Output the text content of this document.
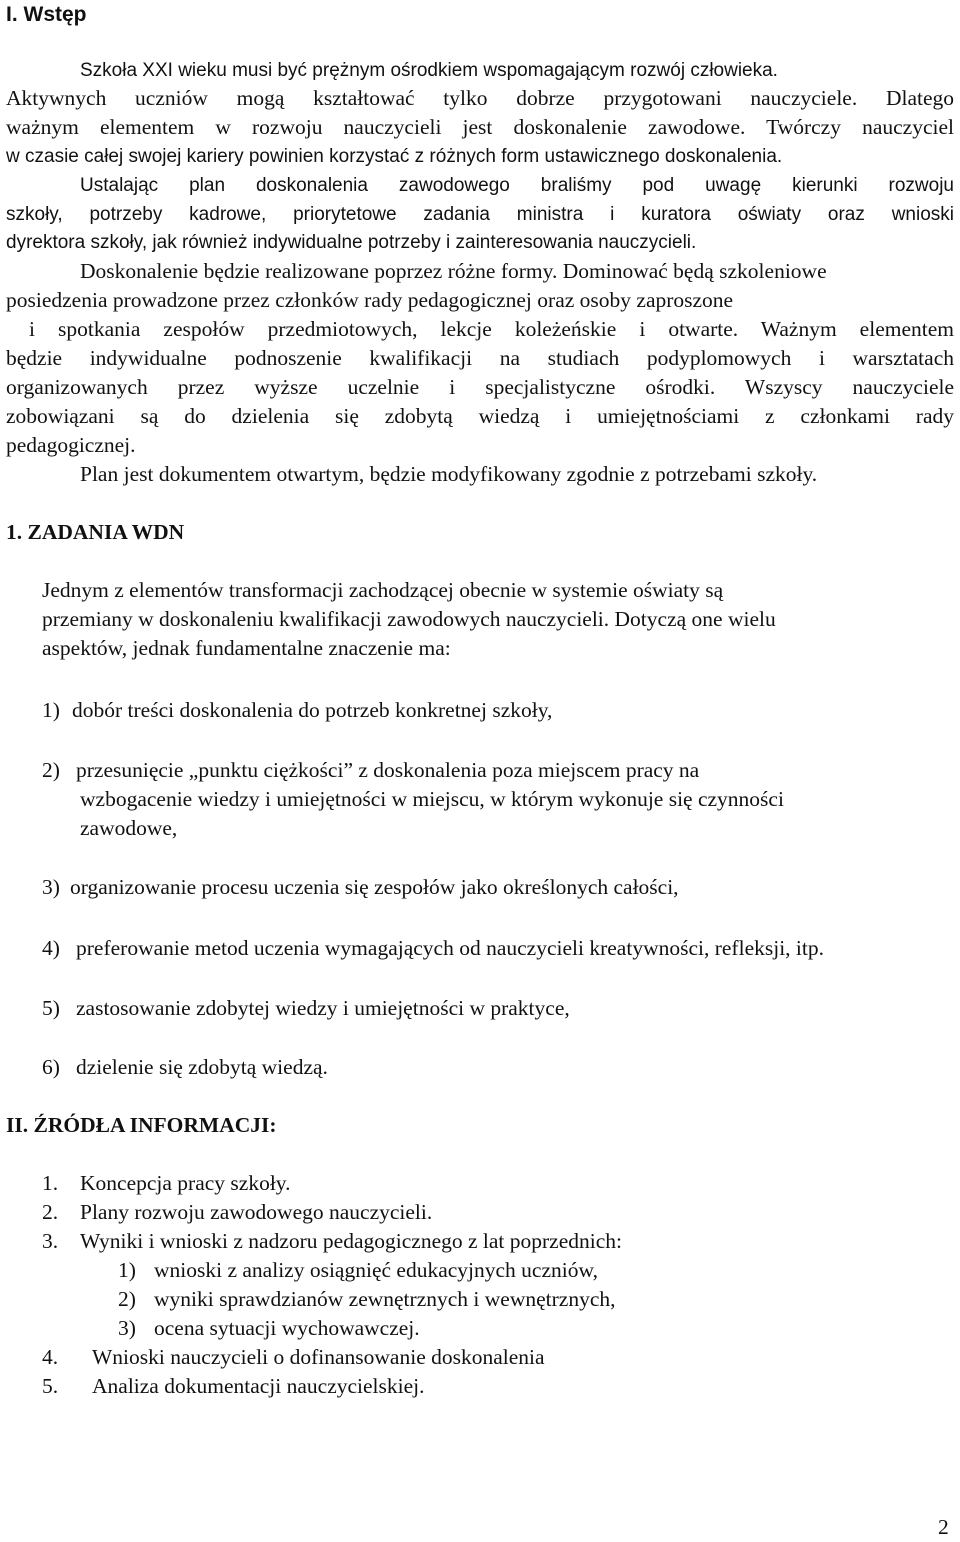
I. Wstęp
Szkoła XXI wieku musi być prężnym ośrodkiem wspomagającym rozwój człowieka.
Aktywnych uczniów mogą kształtować tylko dobrze przygotowani nauczyciele. Dlatego
ważnym elementem w rozwoju nauczycieli jest doskonalenie zawodowe. Twórczy nauczyciel
w czasie całej swojej kariery powinien korzystać z różnych form ustawicznego doskonalenia.
Ustalając plan doskonalenia zawodowego braliśmy pod uwagę kierunki rozwoju
szkoły, potrzeby kadrowe, priorytetowe zadania ministra i kuratora oświaty oraz wnioski
dyrektora szkoły, jak również indywidualne potrzeby i zainteresowania nauczycieli.
Doskonalenie będzie realizowane poprzez różne formy. Dominować będą szkoleniowe
posiedzenia prowadzone przez członków rady pedagogicznej oraz osoby zaproszone
i spotkania zespołów przedmiotowych, lekcje koleżeńskie i otwarte. Ważnym elementem
będzie indywidualne podnoszenie kwalifikacji na studiach podyplomowych i warsztatach
organizowanych przez wyższe uczelnie i specjalistyczne ośrodki. Wszyscy nauczyciele
zobowiązani są do dzielenia się zdobytą wiedzą i umiejętnościami z członkami rady
pedagogicznej.
Plan jest dokumentem otwartym, będzie modyfikowany zgodnie z potrzebami szkoły.
1. ZADANIA WDN
Jednym z elementów transformacji zachodzącej obecnie w systemie oświaty są
przemiany w doskonaleniu kwalifikacji zawodowych nauczycieli. Dotyczą one wielu
aspektów, jednak fundamentalne znaczenie ma:
1) dobór treści doskonalenia do potrzeb konkretnej szkoły,
2) przesunięcie „punktu ciężkości” z doskonalenia poza miejscem pracy na
wzbogacenie wiedzy i umiejętności w miejscu, w którym wykonuje się czynności
zawodowe,
3) organizowanie procesu uczenia się zespołów jako określonych całości,
4) preferowanie metod uczenia wymagających od nauczycieli kreatywności, refleksji, itp.
5) zastosowanie zdobytej wiedzy i umiejętności w praktyce,
6) dzielenie się zdobytą wiedzą.
II. ŹRÓDŁA INFORMACJI:
1. Koncepcja pracy szkoły.
2. Plany rozwoju zawodowego nauczycieli.
3. Wyniki i wnioski z nadzoru pedagogicznego z lat poprzednich:
1) wnioski z analizy osiągnięć edukacyjnych uczniów,
2) wyniki sprawdzianów zewnętrznych i wewnętrznych,
3) ocena sytuacji wychowawczej.
4. Wnioski nauczycieli o dofinansowanie doskonalenia
5. Analiza dokumentacji nauczycielskiej.
2
